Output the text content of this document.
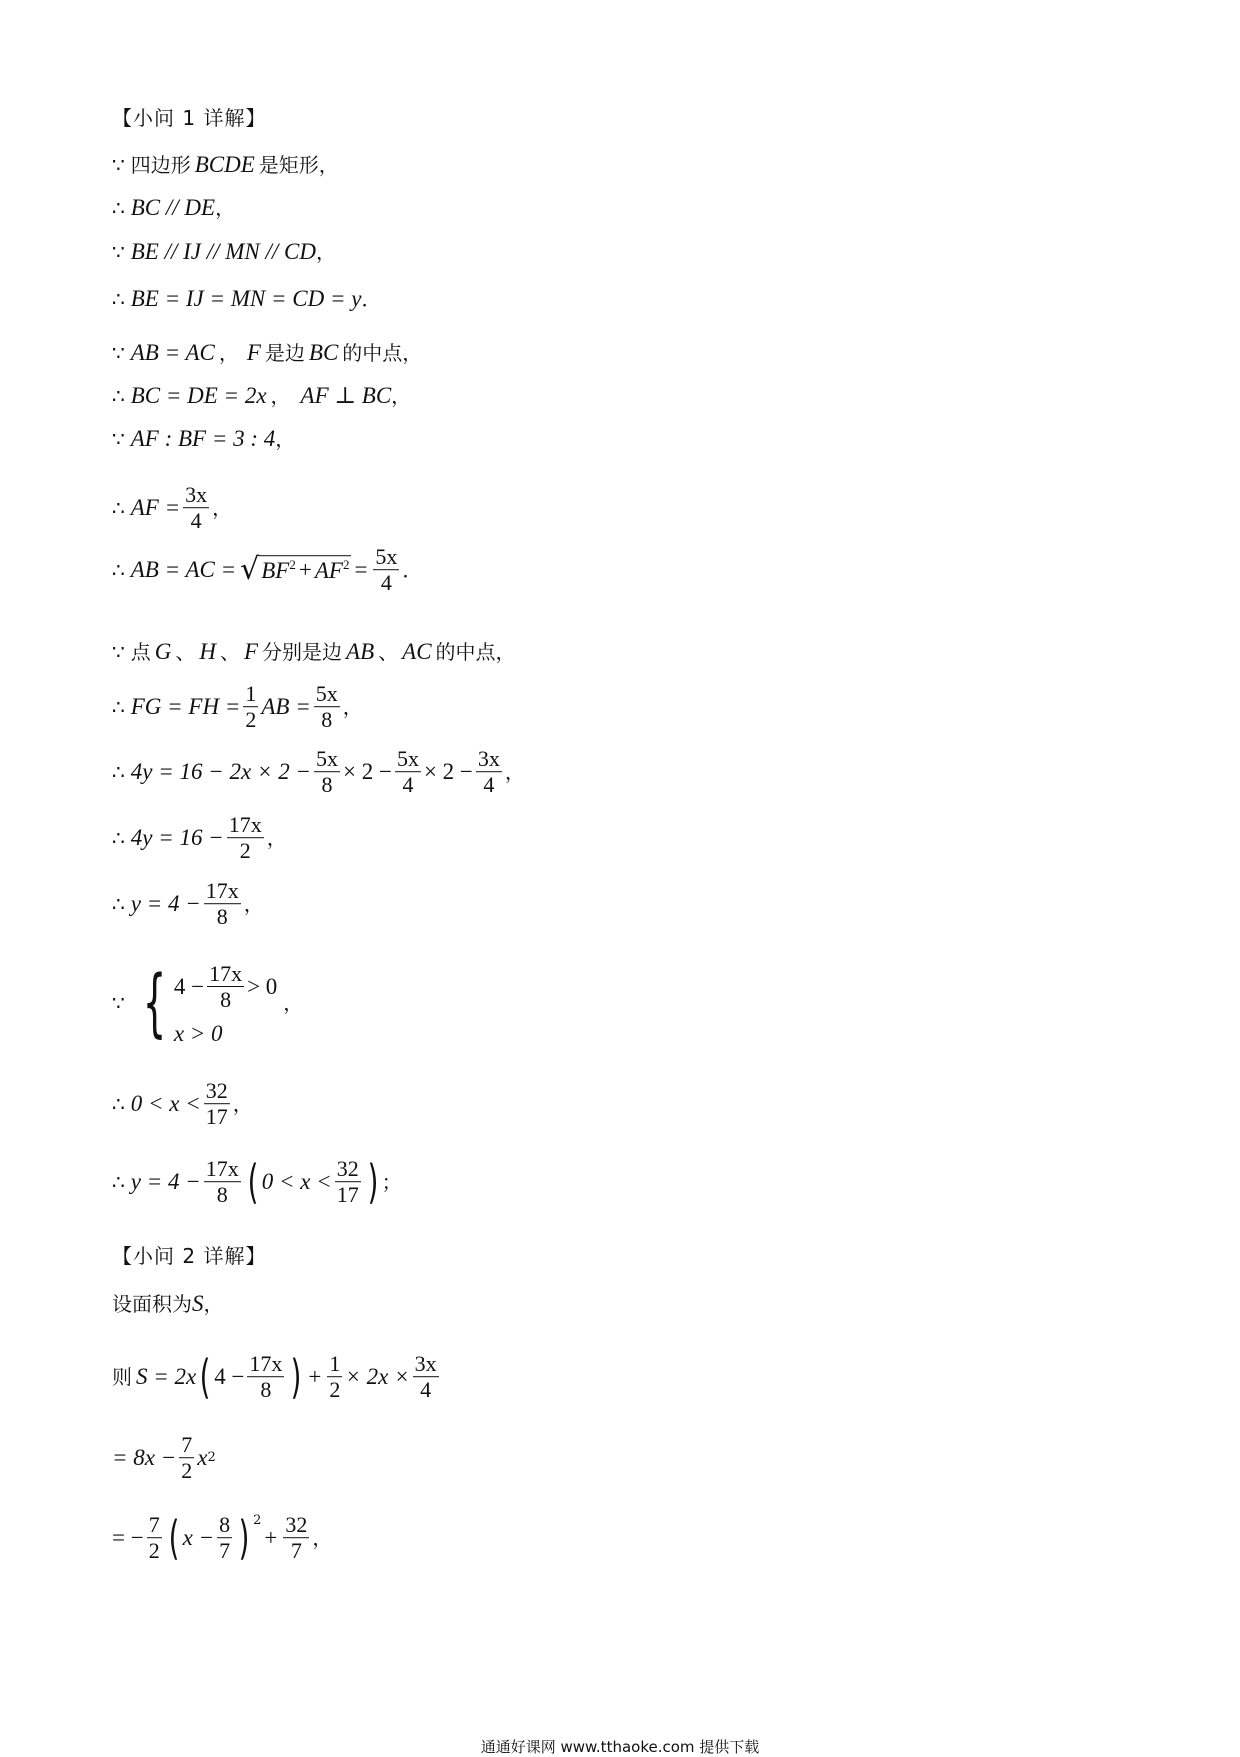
【小问 1 详解】
∵ 四边形 BCDE 是矩形，
∴ BC // DE ，
∵ BE // IJ // MN // CD ，
∴ BE = IJ = MN = CD = y ．
∵ AB = AC ， F 是边 BC 的中点，
∴ BC = DE = 2x ， AF ⊥ BC ，
∵ AF : BF = 3 : 4 ，
∴ AF = $\frac{3x}{4}$ ，
∴ AB = AC = √ $BF^2 + AF^2 = \frac{5x}{4}$ ．
∵ 点 G 、 H 、 F 分别是边 AB 、 AC 的中点，
∴ FG = FH = $\frac{1}{2}$ AB = $\frac{5x}{8}$ ，
∴ $4y = 16 - 2x \times 2 - \frac{5x}{8} \times 2 - \frac{5x}{4} \times 2 - \frac{3x}{4}$ ，
∴ $4y = 16 - \frac{17x}{2}$ ，
∴ $y = 4 - \frac{17x}{8}$ ，
∵ { $4 - \frac{17x}{8} > 0$
x > 0
，
∴ $0 < x < \frac{32}{17}$ ，
∴ $y = 4 - \frac{17x}{8}$ ( $0 < x < \frac{32}{17}$ ) ；
【小问 2 详解】
设面积为 S ，
则 S = 2x ( $4 - \frac{17x}{8}$ ) + $\frac{1}{2} \times 2x \times \frac{3x}{4}$
= $8x - \frac{7}{2}$ x 2
= − $\frac{7}{2}$ ( $x - \frac{8}{7}$ ) 2
+ $\frac{32}{7}$ ，
通通好课网 www.tthaoke.com 提供下载
